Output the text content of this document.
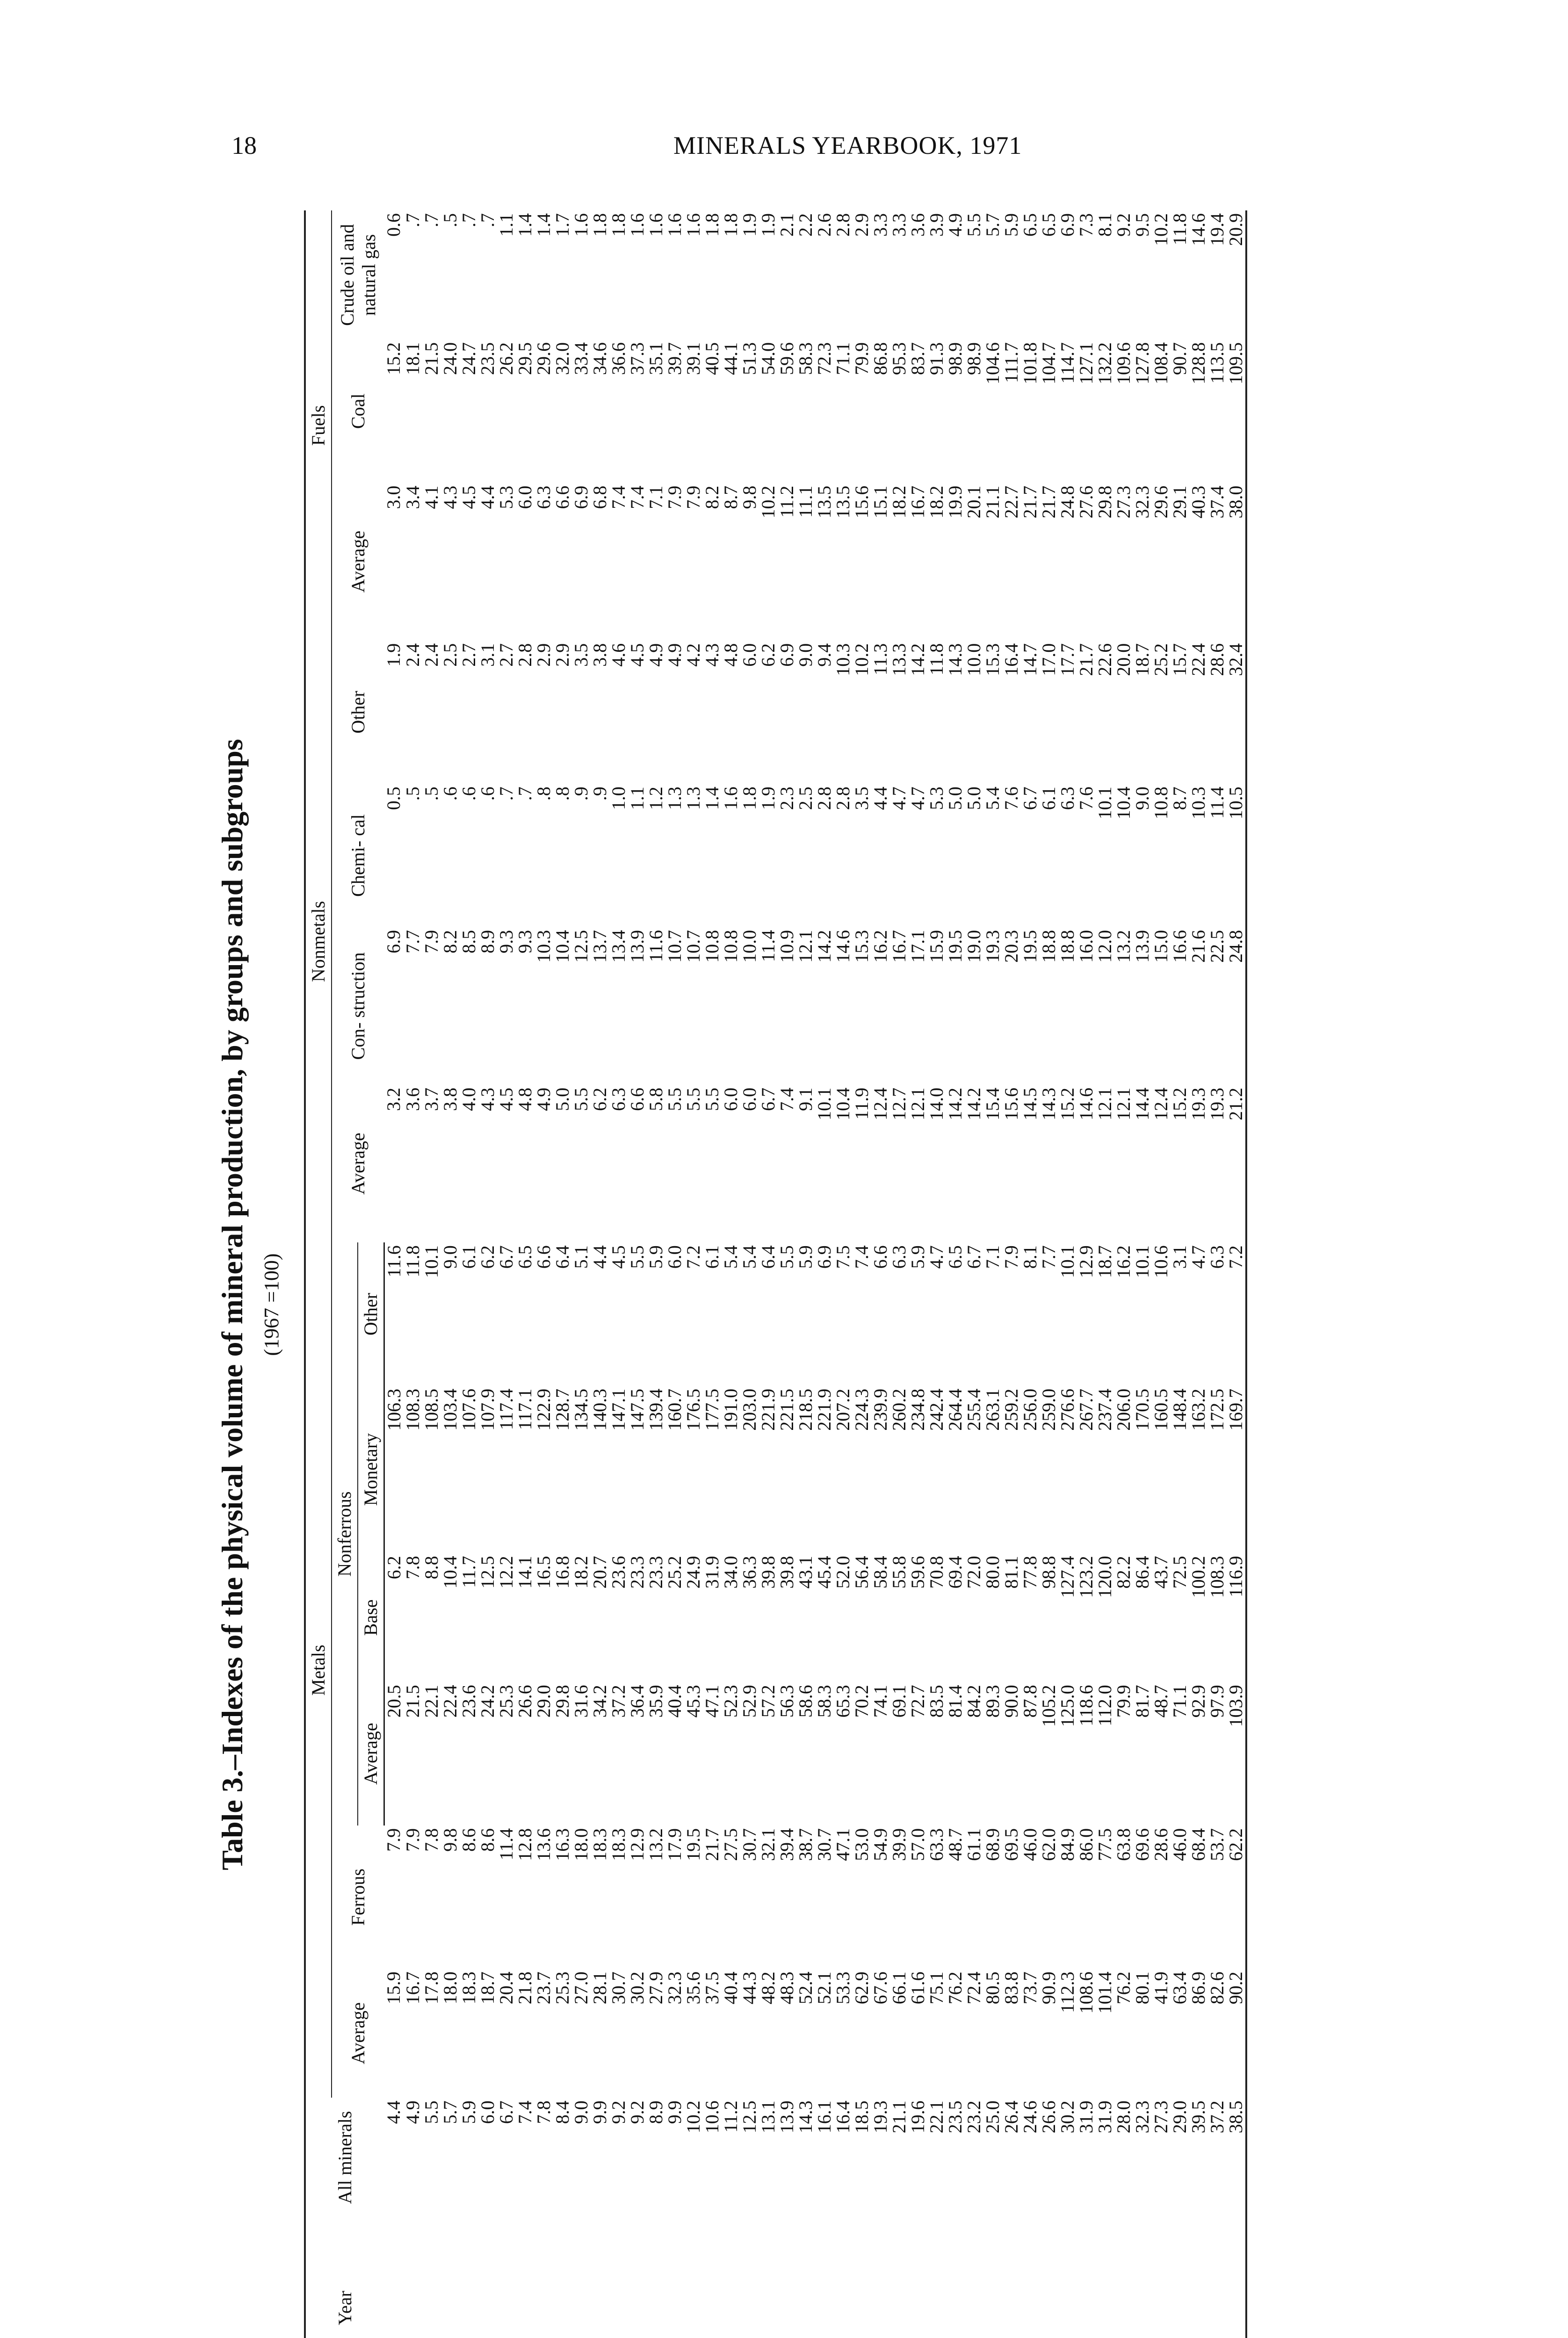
18	MINERALS YEARBOOK, 1971
Table 3.–Indexes of the physical volume of mineral production, by groups and subgroups (1967 =100)
Year	All minerals	Metals						Nonmetals				Fuels		
		Average	Ferrous	Nonferrous				Average	Con- struction	Chemi- cal	Other	Average	Coal	Crude oil and natural gas
				Average	Base	Monetary	Other							
	4.4	15.9	7.9	20.5	6.2	106.3	11.6	3.2	6.9	0.5	1.9	3.0	15.2	0.6
	4.9	16.7	7.9	21.5	7.8	108.3	11.8	3.6	7.7	.5	2.4	3.4	18.1	.7
	5.5	17.8	7.8	22.1	8.8	108.5	10.1	3.7	7.9	.5	2.4	4.1	21.5	.7
	5.7	18.0	9.8	22.4	10.4	103.4	9.0	3.8	8.2	.6	2.5	4.3	24.0	.5
	5.9	18.3	8.6	23.6	11.7	107.6	6.1	4.0	8.5	.6	2.7	4.5	24.7	.7
	6.0	18.7	8.6	24.2	12.5	107.9	6.2	4.3	8.9	.6	3.1	4.4	23.5	.7
	6.7	20.4	11.4	25.3	12.2	117.4	6.7	4.5	9.3	.7	2.7	5.3	26.2	1.1
	7.4	21.8	12.8	26.6	14.1	117.1	6.5	4.8	9.3	.7	2.8	6.0	29.5	1.4
	7.8	23.7	13.6	29.0	16.5	122.9	6.6	4.9	10.3	.8	2.9	6.3	29.6	1.4
	8.4	25.3	16.3	29.8	16.8	128.7	6.4	5.0	10.4	.8	2.9	6.6	32.0	1.7
	9.0	27.0	18.0	31.6	18.2	134.5	5.1	5.5	12.5	.9	3.5	6.9	33.4	1.6
	9.9	28.1	18.3	34.2	20.7	140.3	4.4	6.2	13.7	.9	3.8	6.8	34.6	1.8
	9.2	30.7	18.3	37.2	23.6	147.1	4.5	6.3	13.4	1.0	4.6	7.4	36.6	1.8
	9.2	30.2	12.9	36.4	23.3	147.5	5.5	6.6	13.9	1.1	4.5	7.4	37.3	1.6
	8.9	27.9	13.2	35.9	23.3	139.4	5.9	5.8	11.6	1.2	4.9	7.1	35.1	1.6
	9.9	32.3	17.9	40.4	25.2	160.7	6.0	5.5	10.7	1.3	4.9	7.9	39.7	1.6
	10.2	35.6	19.5	45.3	24.9	176.5	7.2	5.5	10.7	1.3	4.2	7.9	39.1	1.6
	10.6	37.5	21.7	47.1	31.9	177.5	6.1	5.5	10.8	1.4	4.3	8.2	40.5	1.8
	11.2	40.4	27.5	52.3	34.0	191.0	5.4	6.0	10.8	1.6	4.8	8.7	44.1	1.8
	12.5	44.3	30.7	52.9	36.3	203.0	5.4	6.0	10.0	1.8	6.0	9.8	51.3	1.9
	13.1	48.2	32.1	57.2	39.8	221.9	6.4	6.7	11.4	1.9	6.2	10.2	54.0	1.9
	13.9	48.3	39.4	56.3	39.8	221.5	5.5	7.4	10.9	2.3	6.9	11.2	59.6	2.1
	14.3	52.4	38.7	58.6	43.1	218.5	5.9	9.1	12.1	2.5	9.0	11.1	58.3	2.2
	16.1	52.1	30.7	58.3	45.4	221.9	6.9	10.1	14.2	2.8	9.4	13.5	72.3	2.6
	16.4	53.3	47.1	65.3	52.0	207.2	7.5	10.4	14.6	2.8	10.3	13.5	71.1	2.8
	18.5	62.9	53.0	70.2	56.4	224.3	7.4	11.9	15.3	3.5	10.2	15.6	79.9	2.9
	19.3	67.6	54.9	74.1	58.4	239.9	6.6	12.4	16.2	4.4	11.3	15.1	86.8	3.3
	21.1	66.1	39.9	69.1	55.8	260.2	6.3	12.7	16.7	4.7	13.3	18.2	95.3	3.3
	19.6	61.6	57.0	72.7	59.6	234.8	5.9	12.1	17.1	4.7	14.2	16.7	83.7	3.6
	22.1	75.1	63.3	83.5	70.8	242.4	4.7	14.0	15.9	5.3	11.8	18.2	91.3	3.9
	23.5	76.2	48.7	81.4	69.4	264.4	6.5	14.2	19.5	5.0	14.3	19.9	98.9	4.9
	23.2	72.4	61.1	84.2	72.0	255.4	6.7	14.2	19.0	5.0	10.0	20.1	98.9	5.5
	25.0	80.5	68.9	89.3	80.0	263.1	7.1	15.4	19.3	5.4	15.3	21.1	104.6	5.7
	26.4	83.8	69.5	90.0	81.1	259.2	7.9	15.6	20.3	7.6	16.4	22.7	111.7	5.9
	24.6	73.7	46.0	87.8	77.8	256.0	8.1	14.5	19.5	6.7	14.7	21.7	101.8	6.5
	26.6	90.9	62.0	105.2	98.8	259.0	7.7	14.3	18.8	6.1	17.0	21.7	104.7	6.5
	30.2	112.3	84.9	125.0	127.4	276.6	10.1	15.2	18.8	6.3	17.7	24.8	114.7	6.9
	31.9	108.6	86.0	118.6	123.2	267.7	12.9	14.6	16.0	7.6	21.7	27.6	127.1	7.3
	31.9	101.4	77.5	112.0	120.0	237.4	18.7	12.1	12.0	10.1	22.6	29.8	132.2	8.1
	28.0	76.2	63.8	79.9	82.2	206.0	16.2	12.1	13.2	10.4	20.0	27.3	109.6	9.2
	32.3	80.1	69.6	81.7	86.4	170.5	10.1	14.4	13.9	9.0	18.7	32.3	127.8	9.5
	27.3	41.9	28.6	48.7	43.7	160.5	10.6	12.4	15.0	10.8	25.2	29.6	108.4	10.2
	29.0	63.4	46.0	71.1	72.5	148.4	3.1	15.2	16.6	8.7	15.7	29.1	90.7	11.8
	39.5	86.9	68.4	92.9	100.2	163.2	4.7	19.3	21.6	10.3	22.4	40.3	128.8	14.6
	37.2	82.6	53.7	97.9	108.3	172.5	6.3	19.3	22.5	11.4	28.6	37.4	113.5	19.4
	38.5	90.2	62.2	103.9	116.9	169.7	7.2	21.2	24.8	10.5	32.4	38.0	109.5	20.9
